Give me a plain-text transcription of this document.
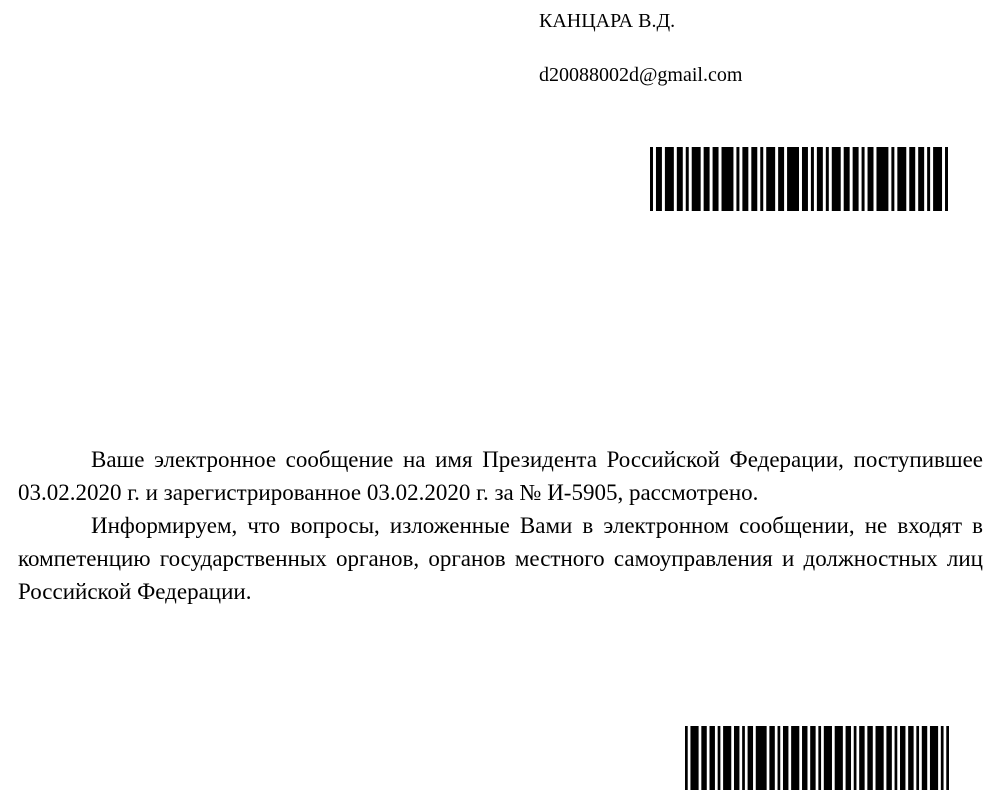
КАНЦАРА В.Д.
d20088002d@gmail.com

Ваше электронное сообщение на имя Президента Российской Федерации, поступившее 03.02.2020 г. и зарегистрированное 03.02.2020 г. за № И-5905, рассмотрено.

Информируем, что вопросы, изложенные Вами в электронном сообщении, не входят в компетенцию государственных органов, органов местного самоуправления и должностных лиц Российской Федерации.
